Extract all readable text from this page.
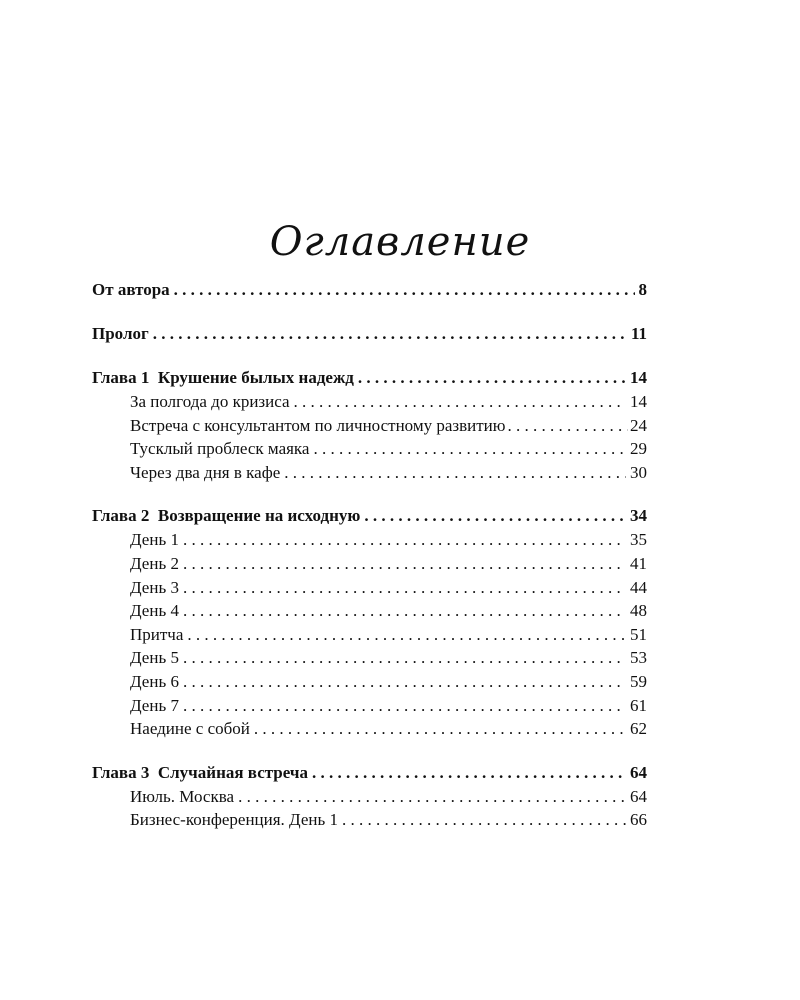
Оглавление
От автора . . .	8
Пролог . . .	11
Глава 1  Крушение былых надежд . . .	14
За полгода до кризиса . . .	14
Встреча с консультантом по личностному развитию . . .	24
Тусклый проблеск маяка . . .	29
Через два дня в кафе . . .	30
Глава 2  Возвращение на исходную . . .	34
День 1 . . .	35
День 2 . . .	41
День 3 . . .	44
День 4 . . .	48
Притча . . .	51
День 5 . . .	53
День 6 . . .	59
День 7 . . .	61
Наедине с собой . . .	62
Глава 3  Случайная встреча . . .	64
Июль. Москва . . .	64
Бизнес-конференция. День 1 . . .	66
